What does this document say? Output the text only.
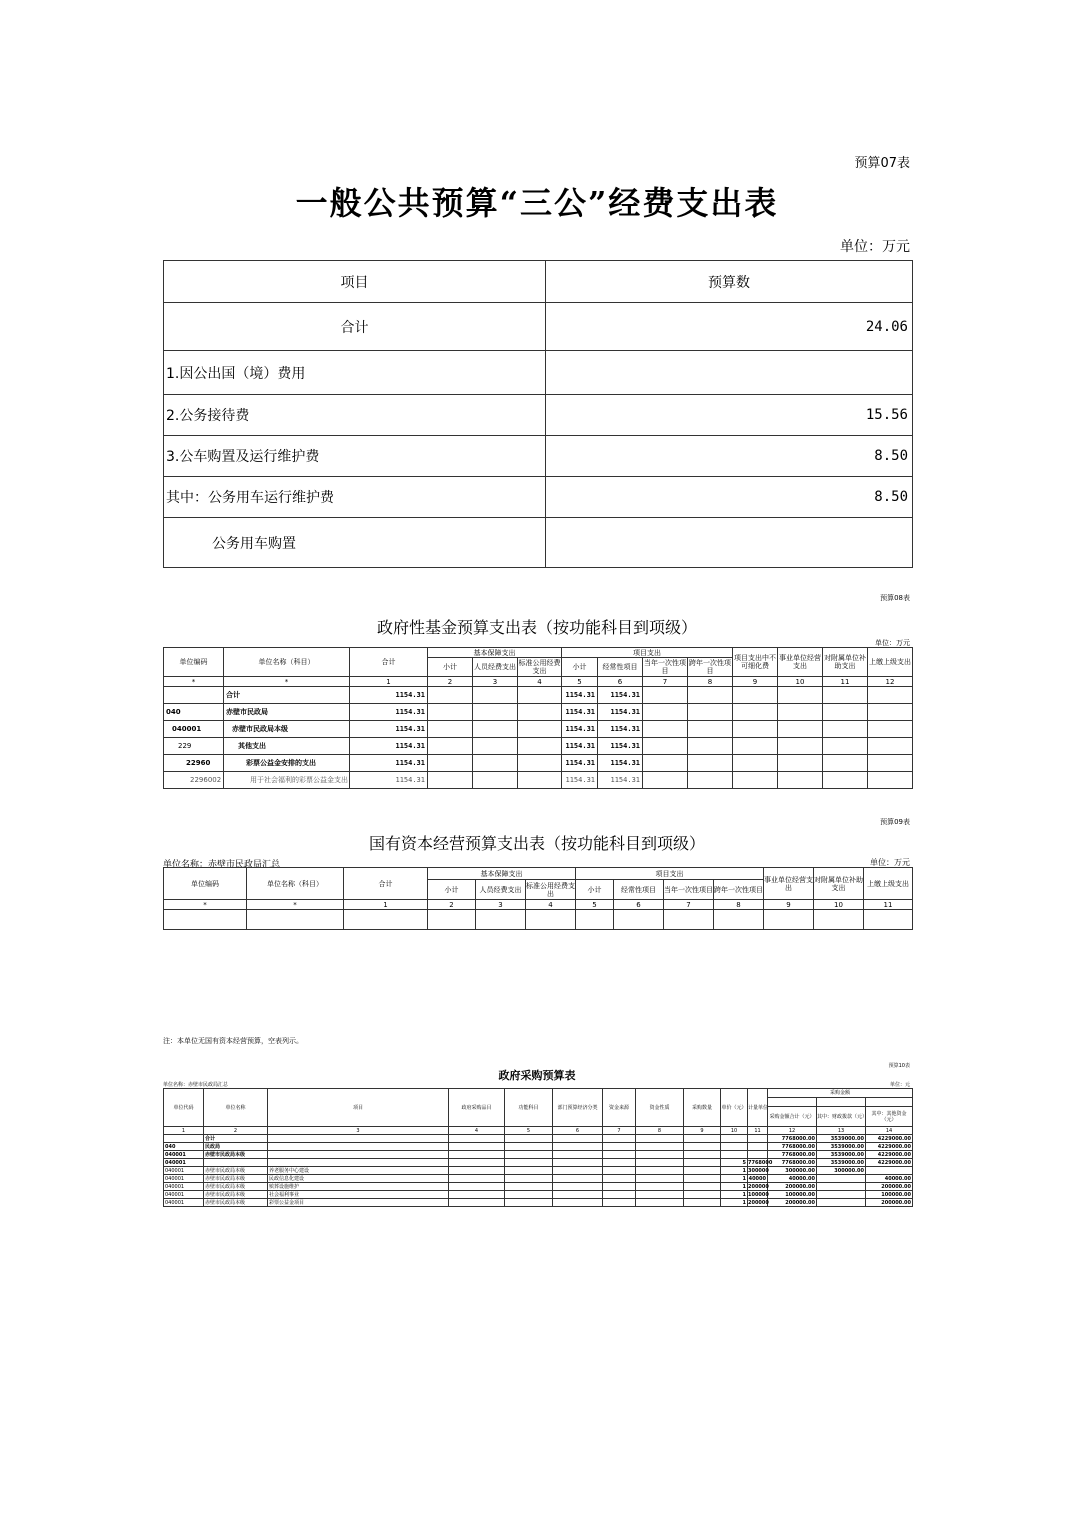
预算07表
一般公共预算“三公”经费支出表
单位：万元
项目	预算数
合计	24.06
1.因公出国（境）费用	
2.公务接待费	15.56
3.公车购置及运行维护费	8.50
其中：公务用车运行维护费	8.50
公务用车购置	
预算08表
政府性基金预算支出表（按功能科目到项级）
单位：万元
单位编码	单位名称（科目）	合计	基本保障支出			项目支出				项目支出中不可细化费	事业单位经营支出	对附属单位补助支出	上缴上级支出
			小计	人员经费支出	标准公用经费支出	小计	经常性项目	当年一次性项目	跨年一次性项目				
*	*	1	2	3	4	5	6	7	8	9	10	11	12
	合计	1154.31				1154.31	1154.31						
040	赤壁市民政局	1154.31				1154.31	1154.31						
040001	赤壁市民政局本级	1154.31				1154.31	1154.31						
229	其他支出	1154.31				1154.31	1154.31						
22960	彩票公益金安排的支出	1154.31				1154.31	1154.31						
2296002	用于社会福利的彩票公益金支出	1154.31				1154.31	1154.31						
预算09表
国有资本经营预算支出表（按功能科目到项级）
单位名称：赤壁市民政局汇总	单位：万元
单位编码	单位名称（科目）	合计	基本保障支出			项目支出				事业单位经营支出	对附属单位补助支出	上缴上级支出
			小计	人员经费支出	标准公用经费支出	小计	经常性项目	当年一次性项目	跨年一次性项目			
*	*	1	2	3	4	5	6	7	8	9	10	11

注：本单位无国有资本经营预算，空表列示。
预算10表
政府采购预算表
单位名称：赤壁市民政局汇总	单位：元
单位代码	单位名称	项目	政府采购品目	功能科目	部门预算经济分类	资金来源	资金性质	采购数量	单价（元）	计量单位	采购金额		

											采购金额合计（元）	其中：财政拨款（元）	其中：其他资金（元）
1	2	3	4	5	6	7	8	9	10	11	12	13	14
	合计										7768000.00	3539000.00	4229000.00
040	民政局										7768000.00	3539000.00	4229000.00
040001	赤壁市民政局本级										7768000.00	3539000.00	4229000.00
040001									5	7768000	7768000.00	3539000.00	4229000.00
040001	赤壁市民政局本级	养老服务中心建设							1	300000	300000.00	300000.00	
040001	赤壁市民政局本级	民政信息化建设							1	40000	40000.00		40000.00
040001	赤壁市民政局本级	殡葬设施维护							1	200000	200000.00		200000.00
040001	赤壁市民政局本级	社会福利事业							1	100000	100000.00		100000.00
040001	赤壁市民政局本级	彩票公益金项目							1	200000	200000.00		200000.00
